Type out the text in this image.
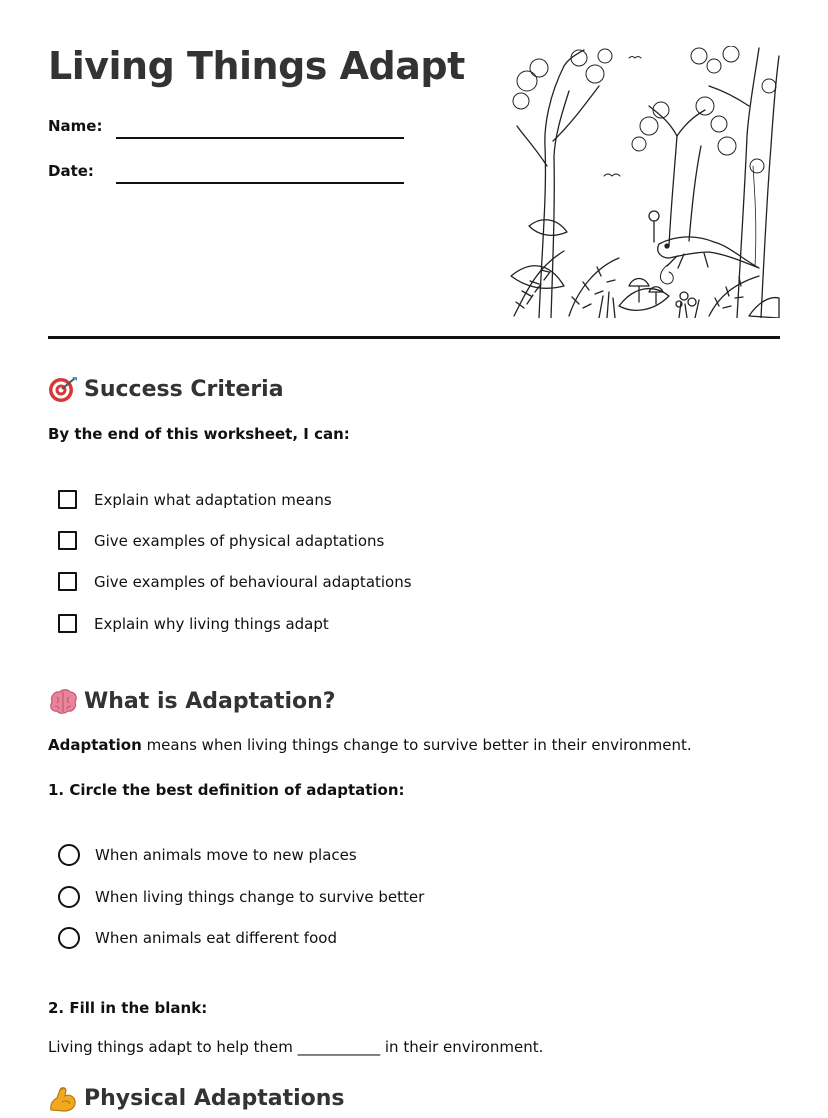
Living Things Adapt
Name:
Date:
Success Criteria
By the end of this worksheet, I can:
Explain what adaptation means
Give examples of physical adaptations
Give examples of behavioural adaptations
Explain why living things adapt
What is Adaptation?
Adaptation means when living things change to survive better in their environment.
1. Circle the best definition of adaptation:
When animals move to new places
When living things change to survive better
When animals eat different food
2. Fill in the blank:
Living things adapt to help them ___________ in their environment.
Physical Adaptations
